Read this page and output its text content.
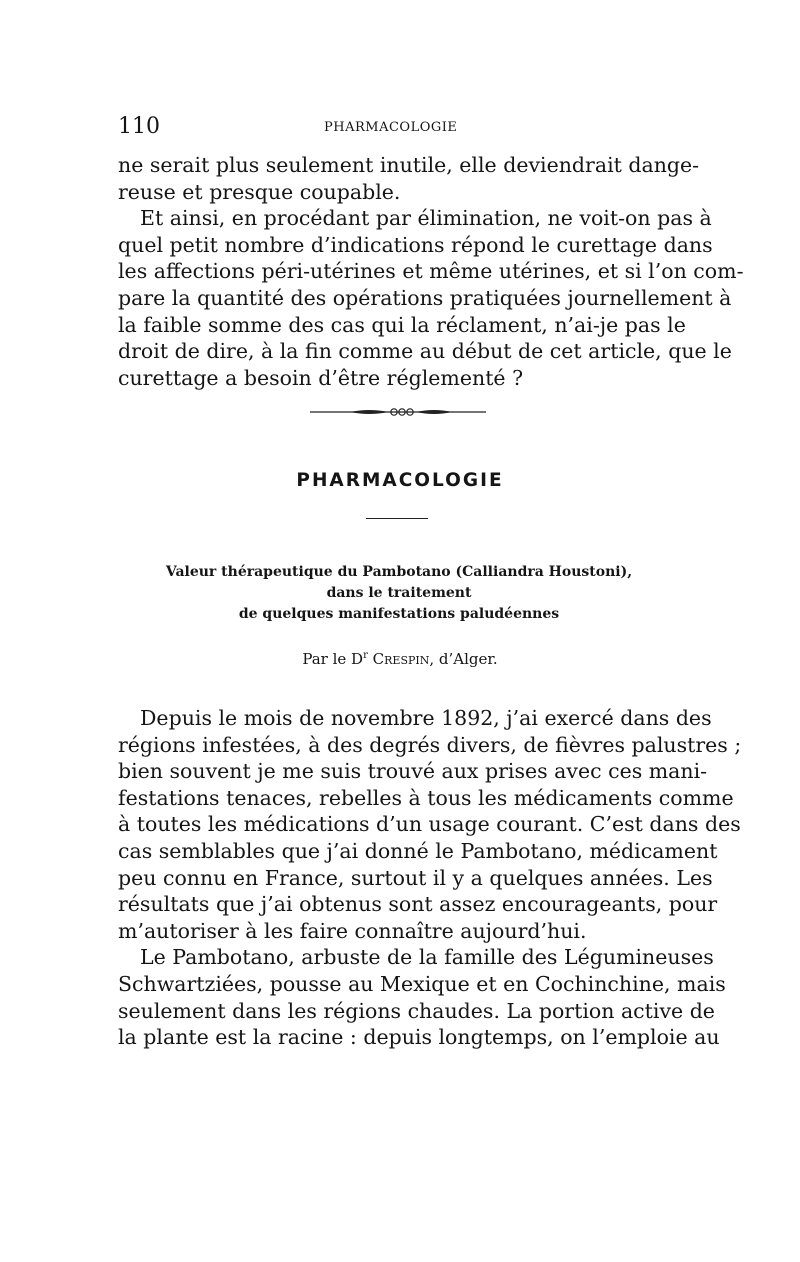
110	PHARMACOLOGIE
ne serait plus seulement inutile, elle deviendrait dange-
reuse et presque coupable.
Et ainsi, en procédant par élimination, ne voit-on pas à
quel petit nombre d’indications répond le curettage dans
les affections péri-utérines et même utérines, et si l’on com-
pare la quantité des opérations pratiquées journellement à
la faible somme des cas qui la réclament, n’ai-je pas le
droit de dire, à la fin comme au début de cet article, que le
curettage a besoin d’être réglementé ?
PHARMACOLOGIE
Valeur thérapeutique du Pambotano (Calliandra Houstoni),
dans le traitement
de quelques manifestations paludéennes
Par le $D^r$ Crespin, d’Alger.
Depuis le mois de novembre 1892, j’ai exercé dans des
régions infestées, à des degrés divers, de fièvres palustres ;
bien souvent je me suis trouvé aux prises avec ces mani-
festations tenaces, rebelles à tous les médicaments comme
à toutes les médications d’un usage courant. C’est dans des
cas semblables que j’ai donné le Pambotano, médicament
peu connu en France, surtout il y a quelques années. Les
résultats que j’ai obtenus sont assez encourageants, pour
m’autoriser à les faire connaître aujourd’hui.
Le Pambotano, arbuste de la famille des Légumineuses
Schwartziées, pousse au Mexique et en Cochinchine, mais
seulement dans les régions chaudes. La portion active de
la plante est la racine : depuis longtemps, on l’emploie au
